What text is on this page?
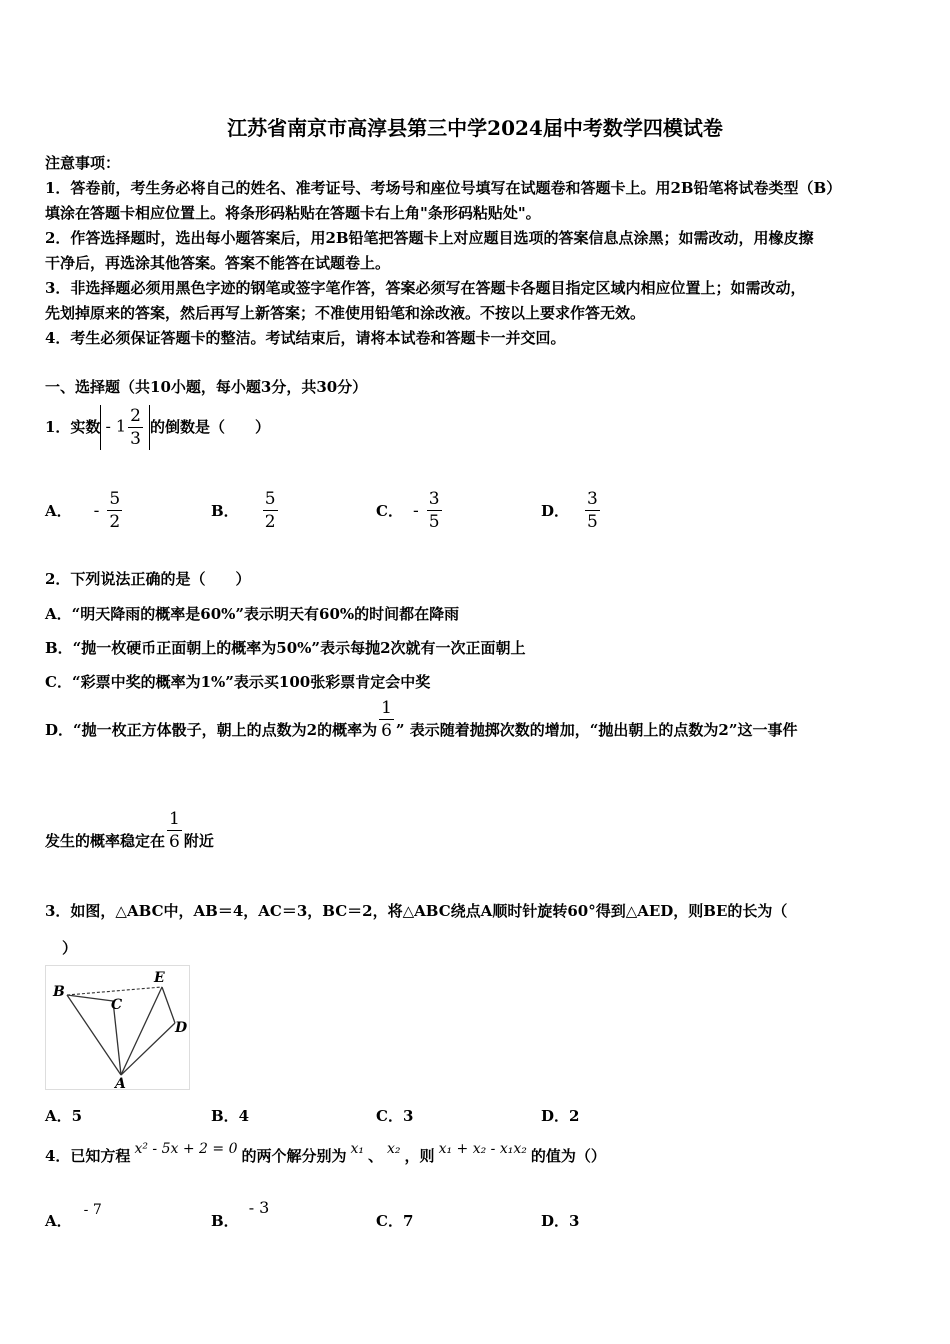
江苏省南京市高淳县第三中学2024届中考数学四模试卷
注意事项：
1．答卷前，考生务必将自己的姓名、准考证号、考场号和座位号填写在试题卷和答题卡上。用2B铅笔将试卷类型（B）
填涂在答题卡相应位置上。将条形码粘贴在答题卡右上角"条形码粘贴处"。
2．作答选择题时，选出每小题答案后，用2B铅笔把答题卡上对应题目选项的答案信息点涂黑；如需改动，用橡皮擦
干净后，再选涂其他答案。答案不能答在试题卷上。
3．非选择题必须用黑色字迹的钢笔或签字笔作答，答案必须写在答题卡各题目指定区域内相应位置上；如需改动，
先划掉原来的答案，然后再写上新答案；不准使用铅笔和涂改液。不按以上要求作答无效。
4．考生必须保证答题卡的整洁。考试结束后，请将本试卷和答题卡一并交回。
一、选择题（共10小题，每小题3分，共30分）
1．实数 - $1 \frac{2}{3}$ 的倒数是（　　）
A． - $\frac{5}{2}$	B． $\frac{5}{2}$	C． - $\frac{3}{5}$	D． $\frac{3}{5}$
2．下列说法正确的是（　　）
A．“明天降雨的概率是60%”表示明天有60%的时间都在降雨
B．“抛一枚硬币正面朝上的概率为50%”表示每抛2次就有一次正面朝上
C．“彩票中奖的概率为1%”表示买100张彩票肯定会中奖
D．“抛一枚正方体骰子，朝上的点数为2的概率为 $\frac{1}{6}$ ” 表示随着抛掷次数的增加，“抛出朝上的点数为2”这一事件
发生的概率稳定在 $\frac{1}{6}$ 附近
3．如图，△ABC中，AB＝4，AC＝3，BC＝2，将△ABC绕点A顺时针旋转60°得到△AED，则BE的长为（
）
B
C
E
D
A
A．5	B．4	C．3	D．2
4．已知方程 x² - 5x + 2 = 0 的两个解分别为 x₁ 、 x₂ ，则 x₁ + x₂ - x₁x₂ 的值为（）
A．
- 7
B．
- 3
C． 7	D． 3
